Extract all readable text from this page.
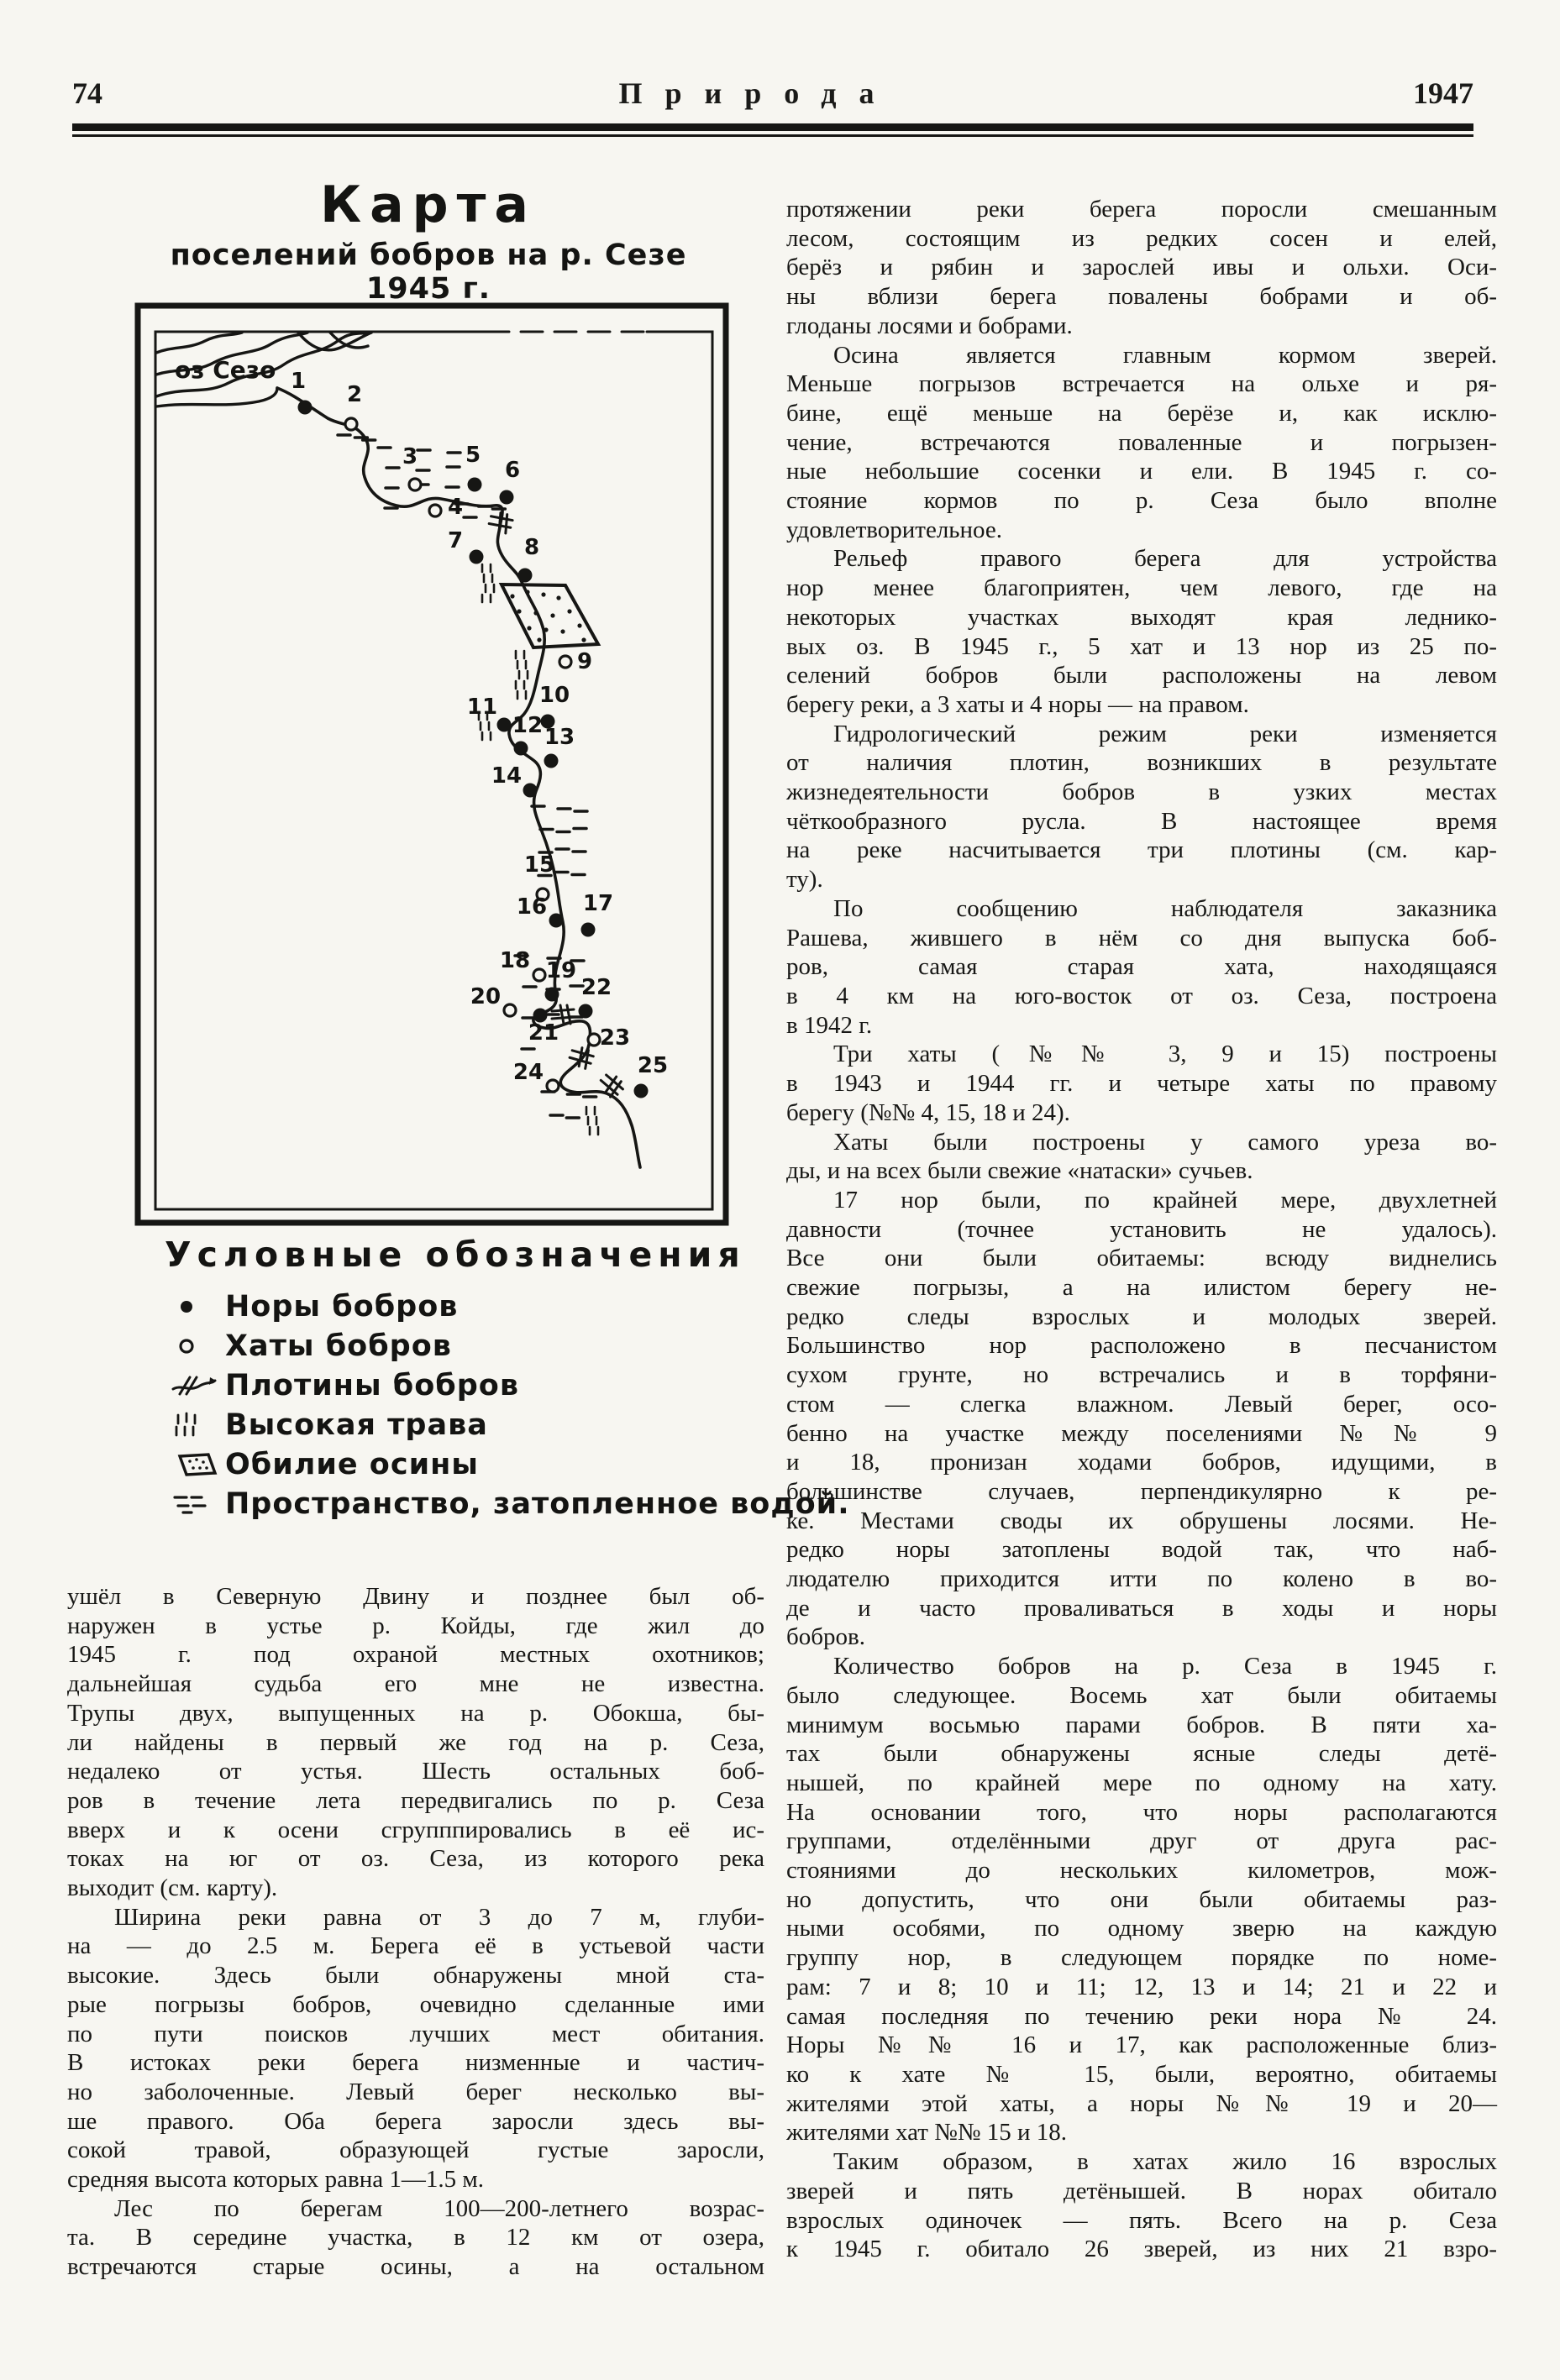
74	Природа	1947
Карта
поселений бобров на р. Сезе 1945 г.
1
2
3
4
5
6
7	8
9
10
11
12 13
14
15
16 17
18 19
20
21
22
23
24	25
оз Сезо
Условные обозначения
Норы бобров
Хаты бобров
Плотины бобров
Высокая трава
Обилие осины
Пространство, затопленное водой.
ушёл в Северную Двину и позднее был об-
наружен в устье р. Койды, где жил до
1945 г. под охраной местных охотников;
дальнейшая судьба его мне не известна.
Трупы двух, выпущенных на р. Обокша, бы-
ли найдены в первый же год на р. Сеза,
недалеко от устья. Шесть остальных боб-
ров в течение лета передвигались по р. Сеза
вверх и к осени сгрупппировались в её ис-
токах на юг от оз. Сеза, из которого река
выходит (см. карту).
Ширина реки равна от 3 до 7 м, глуби-
на — до 2.5 м. Берега её в устьевой части
высокие. Здесь были обнаружены мной ста-
рые погрызы бобров, очевидно сделанные ими
по пути поисков лучших мест обитания.
В истоках реки берега низменные и частич-
но заболоченные. Левый берег несколько вы-
ше правого. Оба берега заросли здесь вы-
сокой травой, образующей густые заросли,
средняя высота которых равна 1—1.5 м.
Лес по берегам 100—200-летнего возрас-
та. В середине участка, в 12 км от озера,
встречаются старые осины, а на остальном
протяжении реки берега поросли смешанным
лесом, состоящим из редких сосен и елей,
берёз и рябин и зарослей ивы и ольхи. Оси-
ны вблизи берега повалены бобрами и об-
глоданы лосями и бобрами.
Осина является главным кормом зверей.
Меньше погрызов встречается на ольхе и ря-
бине, ещё меньше на берёзе и, как исклю-
чение, встречаются поваленные и погрызен-
ные небольшие сосенки и ели. В 1945 г. со-
стояние кормов по р. Сеза было вполне
удовлетворительное.
Рельеф правого берега для устройства
нор менее благоприятен, чем левого, где на
некоторых участках выходят края леднико-
вых оз. В 1945 г., 5 хат и 13 нор из 25 по-
селений бобров были расположены на левом
берегу реки, а 3 хаты и 4 норы — на правом.
Гидрологический режим реки изменяется
от наличия плотин, возникших в результате
жизнедеятельности бобров в узких местах
чёткообразного русла. В настоящее время
на реке насчитывается три плотины (см. кар-
ту).
По сообщению наблюдателя заказника
Рашева, жившего в нём со дня выпуска боб-
ров, самая старая хата, находящаяся
в 4 км на юго-восток от оз. Сеза, построена
в 1942 г.
Три хаты (№№ 3, 9 и 15) построены
в 1943 и 1944 гг. и четыре хаты по правому
берегу (№№ 4, 15, 18 и 24).
Хаты были построены у самого уреза во-
ды, и на всех были свежие «натаски» сучьев.
17 нор были, по крайней мере, двухлетней
давности (точнее установить не удалось).
Все они были обитаемы: всюду виднелись
свежие погрызы, а на илистом берегу не-
редко следы взрослых и молодых зверей.
Большинство нор расположено в песчанистом
сухом грунте, но встречались и в торфяни-
стом — слегка влажном. Левый берег, осо-
бенно на участке между поселениями №№ 9
и 18, пронизан ходами бобров, идущими, в
большинстве случаев, перпендикулярно к ре-
ке. Местами своды их обрушены лосями. Не-
редко норы затоплены водой так, что наб-
людателю приходится итти по колено в во-
де и часто проваливаться в ходы и норы
бобров.
Количество бобров на р. Сеза в 1945 г.
было следующее. Восемь хат были обитаемы
минимум восьмью парами бобров. В пяти ха-
тах были обнаружены ясные следы детё-
нышей, по крайней мере по одному на хату.
На основании того, что норы располагаются
группами, отделёнными друг от друга рас-
стояниями до нескольких километров, мож-
но допустить, что они были обитаемы раз-
ными особями, по одному зверю на каждую
группу нор, в следующем порядке по номе-
рам: 7 и 8; 10 и 11; 12, 13 и 14; 21 и 22 и
самая последняя по течению реки нора № 24.
Норы №№ 16 и 17, как расположенные близ-
ко к хате № 15, были, вероятно, обитаемы
жителями этой хаты, а норы №№ 19 и 20—
жителями хат №№ 15 и 18.
Таким образом, в хатах жило 16 взрослых
зверей и пять детёнышей. В норах обитало
взрослых одиночек — пять. Всего на р. Сеза
к 1945 г. обитало 26 зверей, из них 21 взро-
